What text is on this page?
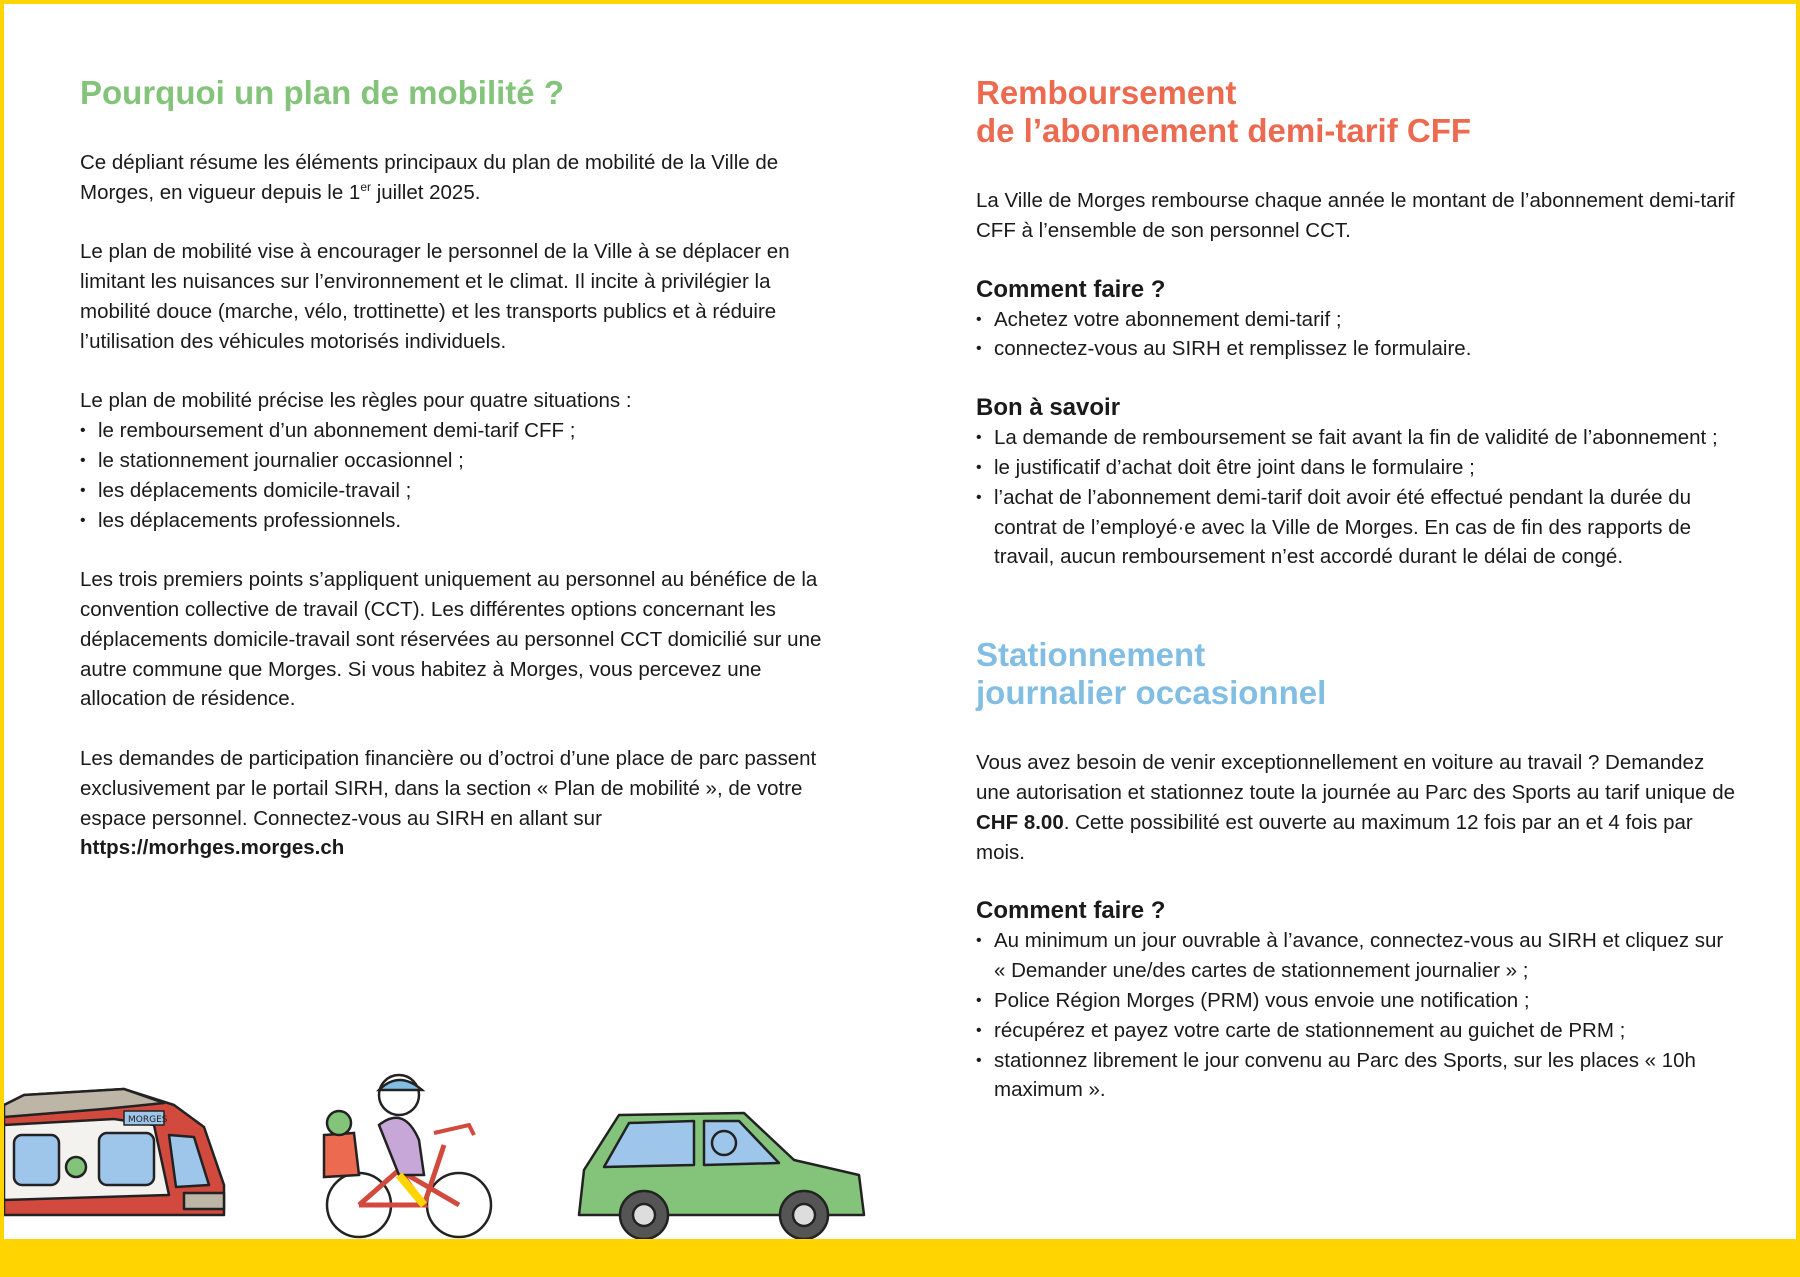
Pourquoi un plan de mobilité ?

Ce dépliant résume les éléments principaux du plan de mobilité de la Ville de Morges, en vigueur depuis le 1er juillet 2025.

Le plan de mobilité vise à encourager le personnel de la Ville à se déplacer en limitant les nuisances sur l’environnement et le climat. Il incite à privilégier la mobilité douce (marche, vélo, trottinette) et les transports publics et à réduire l’utilisation des véhicules motorisés individuels.

Le plan de mobilité précise les règles pour quatre situations :

• le remboursement d’un abonnement demi-tarif CFF ;
• le stationnement journalier occasionnel ;
• les déplacements domicile-travail ;
• les déplacements professionnels.

Les trois premiers points s’appliquent uniquement au personnel au bénéfice de la convention collective de travail (CCT). Les différentes options concernant les déplacements domicile-travail sont réservées au personnel CCT domicilié sur une autre commune que Morges. Si vous habitez à Morges, vous percevez une allocation de résidence.

Les demandes de participation financière ou d’octroi d’une place de parc passent exclusivement par le portail SIRH, dans la section « Plan de mobilité », de votre espace personnel. Connectez-vous au SIRH en allant sur
https://morhges.morges.ch

Remboursement
de l’abonnement demi-tarif CFF

La Ville de Morges rembourse chaque année le montant de l’abonnement demi-tarif CFF à l’ensemble de son personnel CCT.

Comment faire ?
• Achetez votre abonnement demi-tarif ;
• connectez-vous au SIRH et remplissez le formulaire.
Bon à savoir
• La demande de remboursement se fait avant la fin de validité de l’abonnement ;
• le justificatif d’achat doit être joint dans le formulaire ;
• l’achat de l’abonnement demi-tarif doit avoir été effectué pendant la durée du contrat de l’employé·e avec la Ville de Morges. En cas de fin des rapports de travail, aucun remboursement n’est accordé durant le délai de congé.
Stationnement
journalier occasionnel

Vous avez besoin de venir exceptionnellement en voiture au travail ? Demandez une autorisation et stationnez toute la journée au Parc des Sports au tarif unique de CHF 8.00. Cette possibilité est ouverte au maximum 12 fois par an et 4 fois par mois.

Comment faire ?
• Au minimum un jour ouvrable à l’avance, connectez-vous au SIRH et cliquez sur « Demander une/des cartes de stationnement journalier » ;
• Police Région Morges (PRM) vous envoie une notification ;
• récupérez et payez votre carte de stationnement au guichet de PRM ;
• stationnez librement le jour convenu au Parc des Sports, sur les places « 10h maximum ».
MORGES
